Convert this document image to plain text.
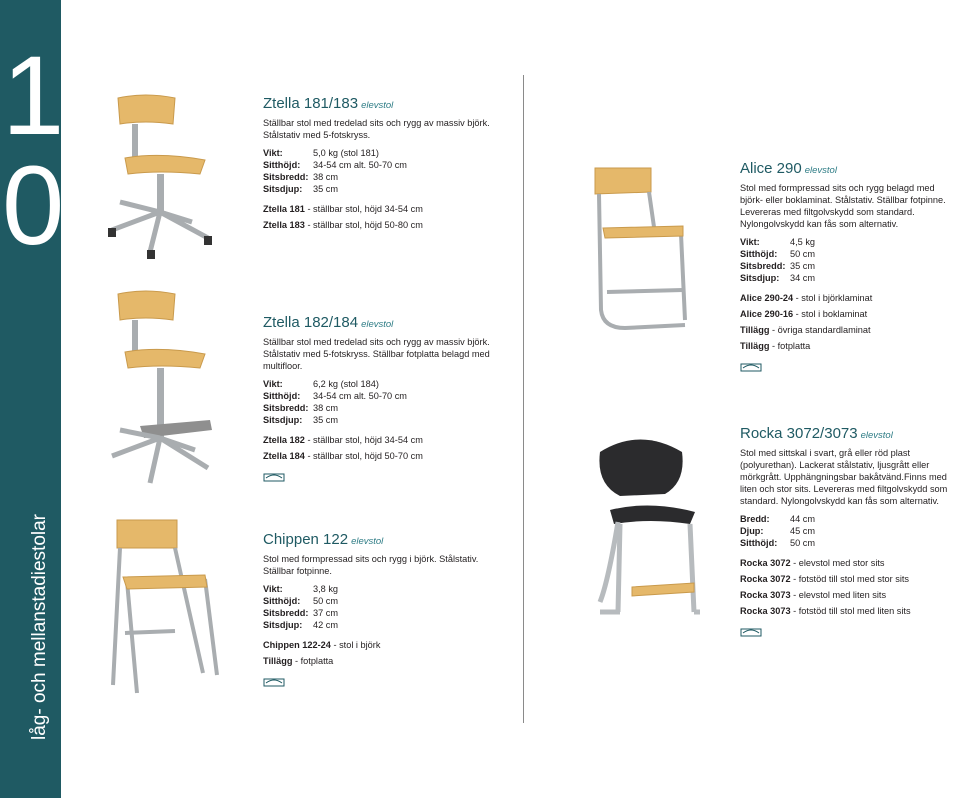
1
0
låg- och mellanstadiestolar
Ztella 181/183 elevstol

Ställbar stol med tredelad sits och rygg av massiv björk. Stålstativ med 5-fotskryss.

Vikt:	5,0 kg (stol 181)
Sitthöjd:	34-54 cm alt. 50-70 cm
Sitsbredd: 38 cm
Sitsdjup:	35 cm

Ztella 181 - ställbar stol, höjd 34-54 cm

Ztella 183 - ställbar stol, höjd 50-80 cm

Ztella 182/184 elevstol

Ställbar stol med tredelad sits och rygg av massiv björk. Stålstativ med 5-fotskryss. Ställbar fotplatta belagd med multifloor.

Vikt:	6,2 kg (stol 184)
Sitthöjd:	34-54 cm alt. 50-70 cm
Sitsbredd: 38 cm
Sitsdjup:	35 cm

Ztella 182 - ställbar stol, höjd 34-54 cm

Ztella 184 - ställbar stol, höjd 50-70 cm

Chippen 122 elevstol

Stol med formpressad sits och rygg i björk. Stålstativ. Ställbar fotpinne.

Vikt:	3,8 kg
Sitthöjd:	50 cm
Sitsbredd: 37 cm
Sitsdjup:	42 cm

Chippen 122-24 - stol i björk

Tillägg - fotplatta

Alice 290 elevstol

Stol med formpressad sits och rygg belagd med björk- eller boklaminat. Stålstativ. Ställbar fotpinne. Levereras med filtgolvskydd som standard. Nylongolvskydd kan fås som alternativ.

Vikt:	4,5 kg
Sitthöjd:	50 cm
Sitsbredd: 35 cm
Sitsdjup:	34 cm

Alice 290-24 - stol i björklaminat

Alice 290-16 - stol i boklaminat

Tillägg - övriga standardlaminat

Tillägg - fotplatta

Rocka 3072/3073 elevstol

Stol med sittskal i svart, grå eller röd plast (polyurethan). Lackerat stålstativ, ljusgrått eller mörkgrått. Upphängningsbar bakåtvänd.Finns med liten och stor sits. Levereras med filtgolvskydd som standard. Nylongolvskydd kan fås som alternativ.

Bredd:	44 cm
Djup:	45 cm
Sitthöjd:	50 cm

Rocka 3072 - elevstol med stor sits

Rocka 3072 - fotstöd till stol med stor sits

Rocka 3073 - elevstol med liten sits

Rocka 3073 - fotstöd till stol med liten sits
